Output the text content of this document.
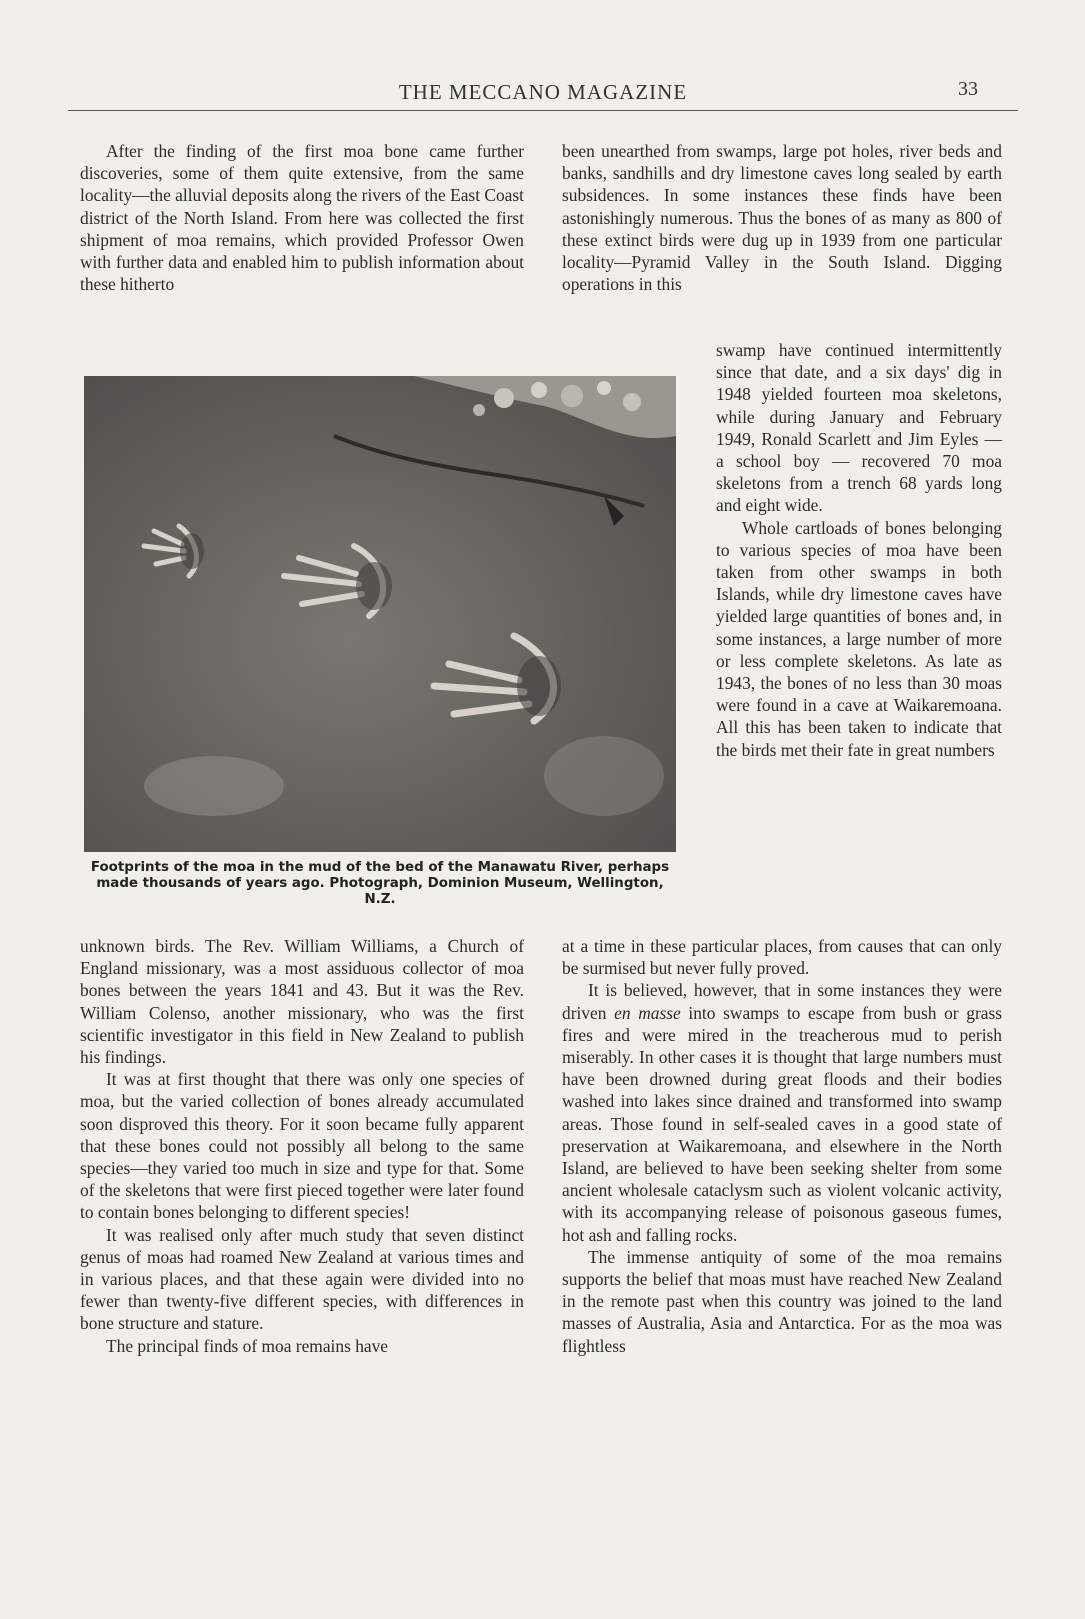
THE MECCANO MAGAZINE	33

After the finding of the first moa bone came further discoveries, some of them quite extensive, from the same locality—the alluvial deposits along the rivers of the East Coast district of the North Island. From here was collected the first shipment of moa remains, which provided Professor Owen with further data and enabled him to publish information about these hitherto

Footprints of the moa in the mud of the bed of the Manawatu River, perhaps made thousands of years ago. Photograph, Dominion Museum, Wellington, N.Z.

unknown birds. The Rev. William Williams, a Church of England missionary, was a most assiduous collector of moa bones between the years 1841 and 43. But it was the Rev. William Colenso, another missionary, who was the first scientific investigator in this field in New Zealand to publish his findings.

It was at first thought that there was only one species of moa, but the varied collection of bones already accumulated soon disproved this theory. For it soon became fully apparent that these bones could not possibly all belong to the same species—they varied too much in size and type for that. Some of the skeletons that were first pieced together were later found to contain bones belonging to different species!

It was realised only after much study that seven distinct genus of moas had roamed New Zealand at various times and in various places, and that these again were divided into no fewer than twenty-five different species, with differences in bone structure and stature.

The principal finds of moa remains have

been unearthed from swamps, large pot holes, river beds and banks, sandhills and dry limestone caves long sealed by earth subsidences. In some instances these finds have been astonishingly numerous. Thus the bones of as many as 800 of these extinct birds were dug up in 1939 from one particular locality—Pyramid Valley in the South Island. Digging operations in this

swamp have continued intermittently since that date, and a six days' dig in 1948 yielded fourteen moa skeletons, while during January and February 1949, Ronald Scarlett and Jim Eyles — a school boy — recovered 70 moa skeletons from a trench 68 yards long and eight wide.

Whole cartloads of bones belonging to various species of moa have been taken from other swamps in both Islands, while dry limestone caves have yielded large quantities of bones and, in some instances, a large number of more or less complete skeletons. As late as 1943, the bones of no less than 30 moas were found in a cave at Waikaremoana. All this has been taken to indicate that the birds met their fate in great numbers

at a time in these particular places, from causes that can only be surmised but never fully proved.

It is believed, however, that in some instances they were driven en masse into swamps to escape from bush or grass fires and were mired in the treacherous mud to perish miserably. In other cases it is thought that large numbers must have been drowned during great floods and their bodies washed into lakes since drained and transformed into swamp areas. Those found in self-sealed caves in a good state of preservation at Waikaremoana, and elsewhere in the North Island, are believed to have been seeking shelter from some ancient wholesale cataclysm such as violent volcanic activity, with its accompanying release of poisonous gaseous fumes, hot ash and falling rocks.

The immense antiquity of some of the moa remains supports the belief that moas must have reached New Zealand in the remote past when this country was joined to the land masses of Australia, Asia and Antarctica. For as the moa was flightless
